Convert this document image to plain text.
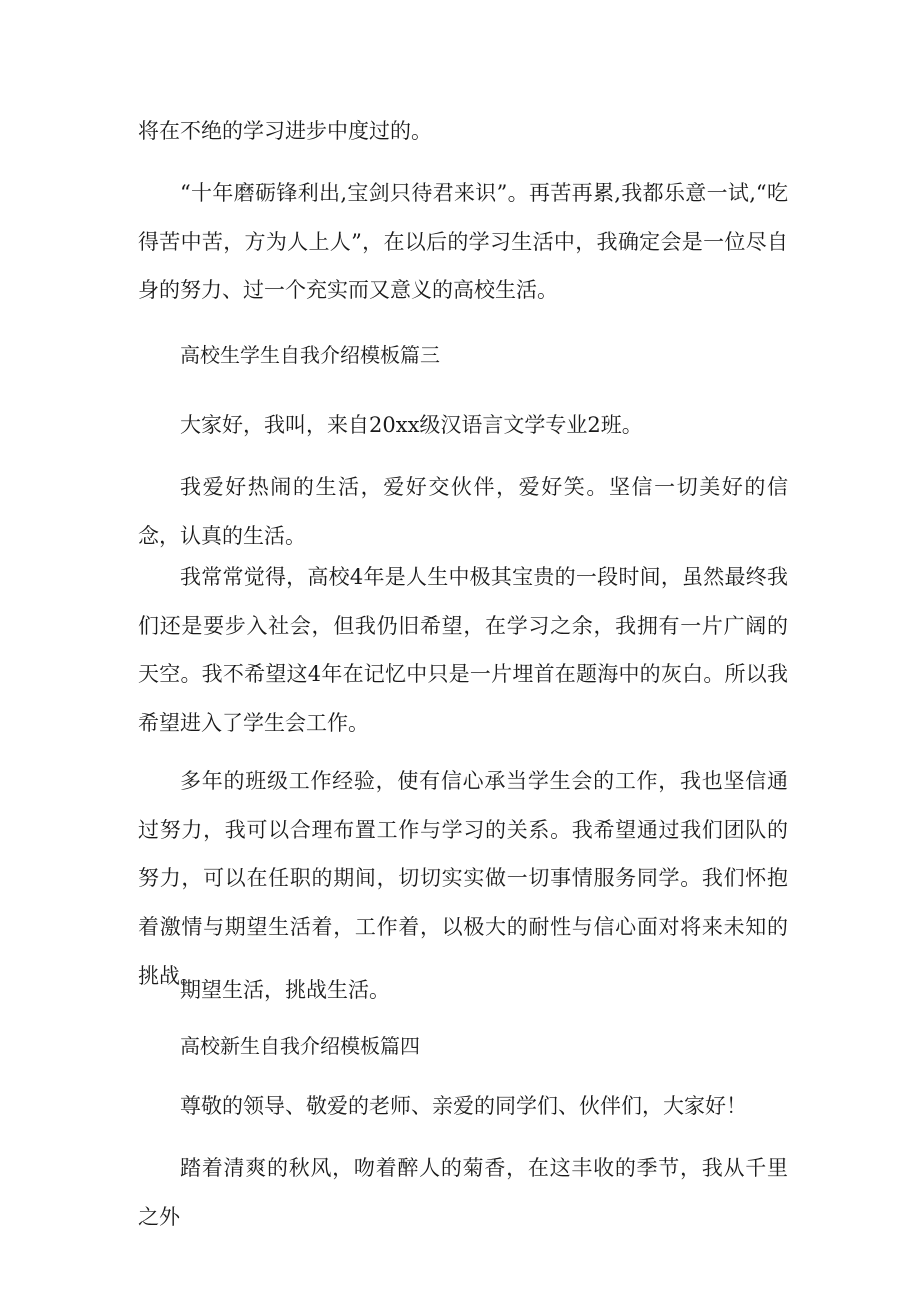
将在不绝的学习进步中度过的。

“十年磨砺锋利出,宝剑只待君来识”。再苦再累,我都乐意一试,“吃得苦中苦，方为人上人”，在以后的学习生活中，我确定会是一位尽自身的努力、过一个充实而又意义的高校生活。

高校生学生自我介绍模板篇三

大家好，我叫，来自20xx级汉语言文学专业2班。

我爱好热闹的生活，爱好交伙伴，爱好笑。坚信一切美好的信念，认真的生活。

我常常觉得，高校4年是人生中极其宝贵的一段时间，虽然最终我们还是要步入社会，但我仍旧希望，在学习之余，我拥有一片广阔的天空。我不希望这4年在记忆中只是一片埋首在题海中的灰白。所以我希望进入了学生会工作。

多年的班级工作经验，使有信心承当学生会的工作，我也坚信通过努力，我可以合理布置工作与学习的关系。我希望通过我们团队的努力，可以在任职的期间，切切实实做一切事情服务同学。我们怀抱着激情与期望生活着，工作着，以极大的耐性与信心面对将来未知的挑战。

期望生活，挑战生活。

高校新生自我介绍模板篇四

尊敬的领导、敬爱的老师、亲爱的同学们、伙伴们，大家好！

踏着清爽的秋风，吻着醉人的菊香，在这丰收的季节，我从千里之外
